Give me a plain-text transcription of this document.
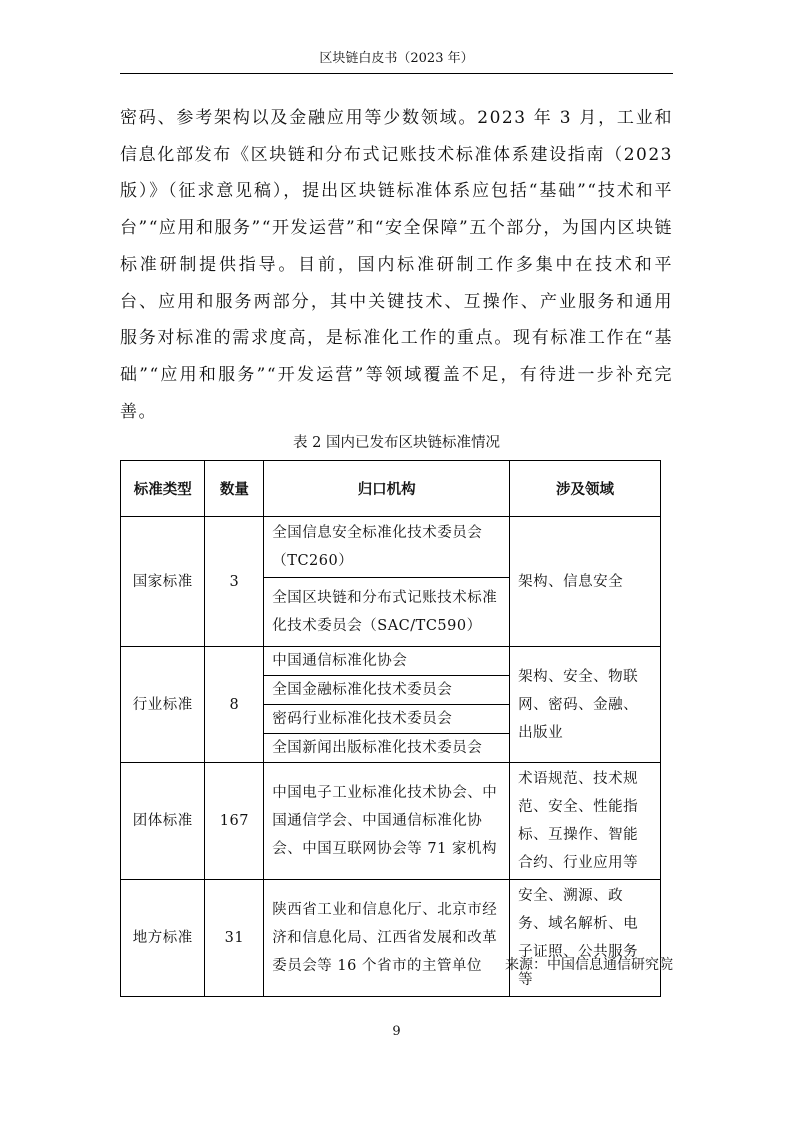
区块链白皮书（2023 年）

密码、参考架构以及金融应用等少数领域。2023 年 3 月，工业和信息化部发布《区块链和分布式记账技术标准体系建设指南（2023 版）》（征求意见稿），提出区块链标准体系应包括“基础”“技术和平台”“应用和服务”“开发运营”和“安全保障”五个部分，为国内区块链标准研制提供指导。目前，国内标准研制工作多集中在技术和平台、应用和服务两部分，其中关键技术、互操作、产业服务和通用服务对标准的需求度高，是标准化工作的重点。现有标准工作在“基础”“应用和服务”“开发运营”等领域覆盖不足，有待进一步补充完善。

表 2 国内已发布区块链标准情况
标准类型	数量	归口机构	涉及领域

国家标准	3	全国信息安全标准化技术委员会（TC260）	架构、信息安全

		全国区块链和分布式记账技术标准化技术委员会（SAC/TC590）	

行业标准	8	中国通信标准化协会	架构、安全、物联网、密码、金融、出版业

		全国金融标准化技术委员会	

		密码行业标准化技术委员会	

		全国新闻出版标准化技术委员会	

团体标准	167	中国电子工业标准化技术协会、中国通信学会、中国通信标准化协会、中国互联网协会等 71 家机构	术语规范、技术规范、安全、性能指标、互操作、智能合约、行业应用等

地方标准	31	陕西省工业和信息化厅、北京市经济和信息化局、江西省发展和改革委员会等 16 个省市的主管单位	安全、溯源、政务、域名解析、电子证照、公共服务等
来源：中国信息通信研究院
9
